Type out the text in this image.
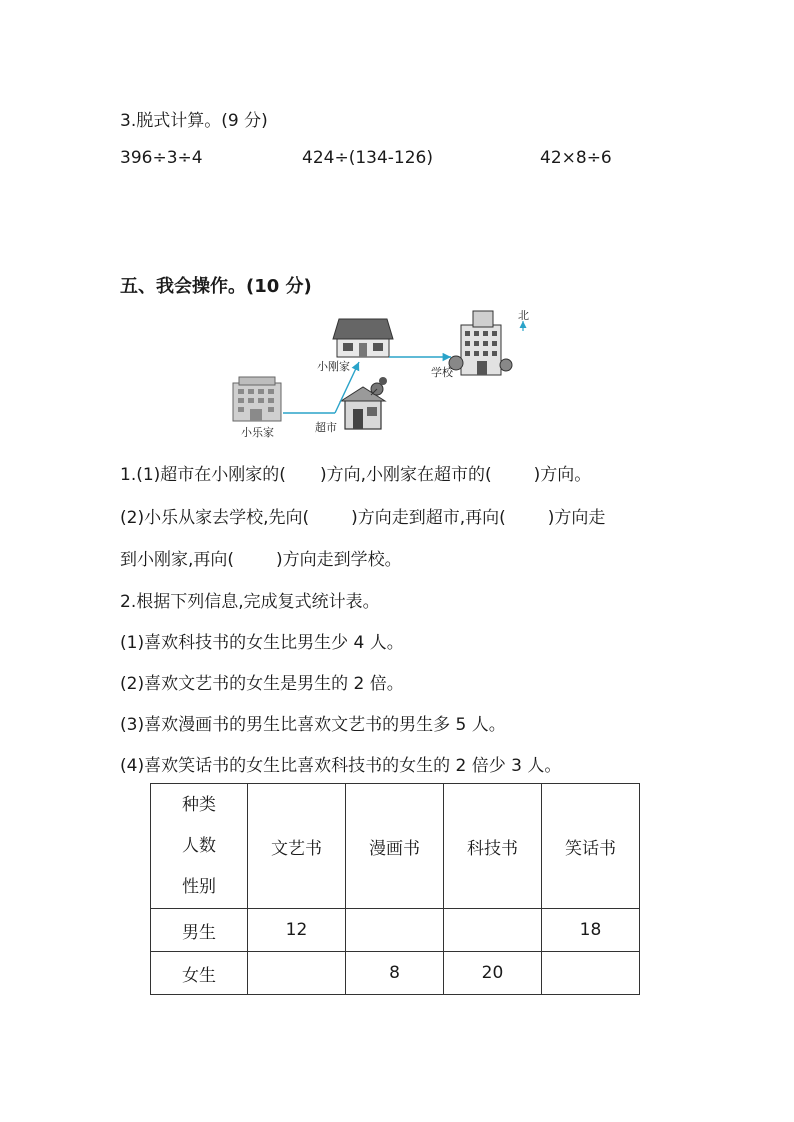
3.脱式计算。(9 分)
396÷3÷4	424÷(134-126)	42×8÷6
五、我会操作。(10 分)
小乐家	超市
小刚家	学校
北
1.(1)超市在小刚家的( )方向,小刚家在超市的( )方向。
(2)小乐从家去学校,先向( )方向走到超市,再向( )方向走
到小刚家,再向( )方向走到学校。
2.根据下列信息,完成复式统计表。
(1)喜欢科技书的女生比男生少 4 人。
(2)喜欢文艺书的女生是男生的 2 倍。
(3)喜欢漫画书的男生比喜欢文艺书的男生多 5 人。
(4)喜欢笑话书的女生比喜欢科技书的女生的 2 倍少 3 人。
种类
人数
性别	文艺书	漫画书	科技书	笑话书
男生	12			18
女生		8	20	
